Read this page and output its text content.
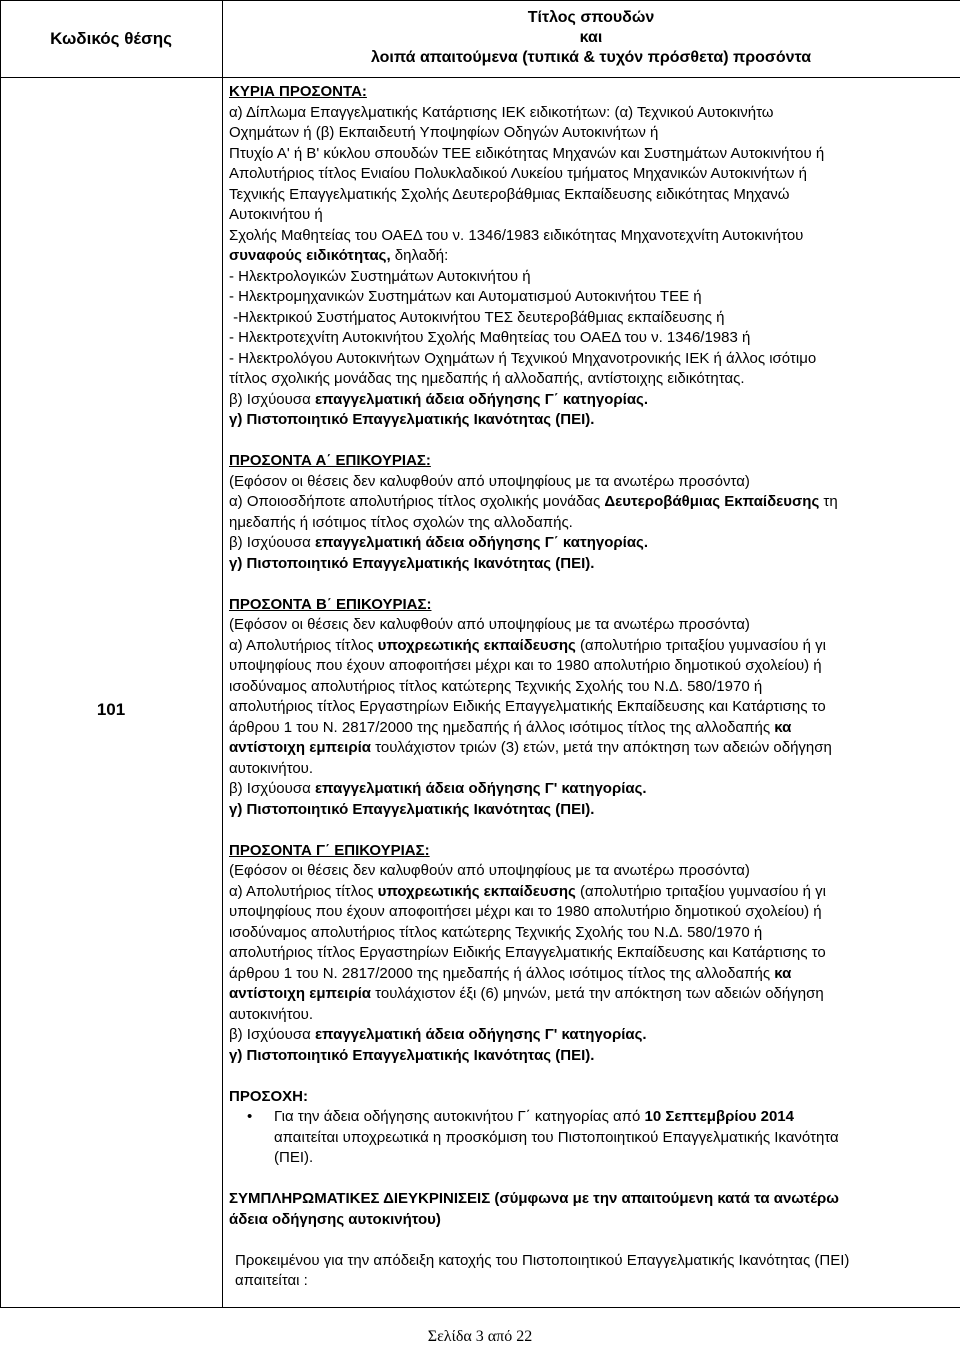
Κωδικός θέσης
Τίτλος σπουδών
και
λοιπά απαιτούμενα (τυπικά & τυχόν πρόσθετα) προσόντα
101
ΚΥΡΙΑ ΠΡΟΣΟΝΤΑ:
α) Δίπλωμα Επαγγελματικής Κατάρτισης ΙΕΚ ειδικοτήτων: (α) Τεχνικού Αυτοκινήτω
Οχημάτων ή (β) Εκπαιδευτή Υποψηφίων Οδηγών Αυτοκινήτων ή
Πτυχίο Α' ή Β' κύκλου σπουδών ΤΕΕ ειδικότητας Μηχανών και Συστημάτων Αυτοκινήτου ή
Απολυτήριος τίτλος Ενιαίου Πολυκλαδικού Λυκείου τμήματος Μηχανικών Αυτοκινήτων ή
Τεχνικής Επαγγελματικής Σχολής Δευτεροβάθμιας Εκπαίδευσης ειδικότητας Μηχανώ
Αυτοκινήτου ή
Σχολής Μαθητείας του ΟΑΕΔ του ν. 1346/1983 ειδικότητας Μηχανοτεχνίτη Αυτοκινήτου
συναφούς ειδικότητας, δηλαδή:
- Ηλεκτρολογικών Συστημάτων Αυτοκινήτου ή
- Ηλεκτρομηχανικών Συστημάτων και Αυτοματισμού Αυτοκινήτου ΤΕΕ ή
-Ηλεκτρικού Συστήματος Αυτοκινήτου ΤΕΣ δευτεροβάθμιας εκπαίδευσης ή
- Ηλεκτροτεχνίτη Αυτοκινήτου Σχολής Μαθητείας του ΟΑΕΔ του ν. 1346/1983 ή
- Ηλεκτρολόγου Αυτοκινήτων Οχημάτων ή Τεχνικού Μηχανοτρονικής ΙΕΚ ή άλλος ισότιμο
τίτλος σχολικής μονάδας της ημεδαπής ή αλλοδαπής, αντίστοιχης ειδικότητας.
β) Ισχύουσα επαγγελματική άδεια οδήγησης Γ΄ κατηγορίας.
γ) Πιστοποιητικό Επαγγελματικής Ικανότητας (ΠΕΙ).
ΠΡΟΣΟΝΤΑ Α΄ ΕΠΙΚΟΥΡΙΑΣ:
(Εφόσον οι θέσεις δεν καλυφθούν από υποψηφίους με τα ανωτέρω προσόντα)
α) Οποιοσδήποτε απολυτήριος τίτλος σχολικής μονάδας Δευτεροβάθμιας Εκπαίδευσης τη
ημεδαπής ή ισότιμος τίτλος σχολών της αλλοδαπής.
β) Ισχύουσα επαγγελματική άδεια οδήγησης Γ΄ κατηγορίας.
γ) Πιστοποιητικό Επαγγελματικής Ικανότητας (ΠΕΙ).
ΠΡΟΣΟΝΤΑ Β΄ ΕΠΙΚΟΥΡΙΑΣ:
(Εφόσον οι θέσεις δεν καλυφθούν από υποψηφίους με τα ανωτέρω προσόντα)
α) Απολυτήριος τίτλος υποχρεωτικής εκπαίδευσης (απολυτήριο τριταξίου γυμνασίου ή γι
υποψηφίους που έχουν αποφοιτήσει μέχρι και το 1980 απολυτήριο δημοτικού σχολείου) ή
ισοδύναμος απολυτήριος τίτλος κατώτερης Τεχνικής Σχολής του Ν.Δ. 580/1970 ή
απολυτήριος τίτλος Εργαστηρίων Ειδικής Επαγγελματικής Εκπαίδευσης και Κατάρτισης το
άρθρου 1 του Ν. 2817/2000 της ημεδαπής ή άλλος ισότιμος τίτλος της αλλοδαπής κα
αντίστοιχη εμπειρία τουλάχιστον τριών (3) ετών, μετά την απόκτηση των αδειών οδήγηση
αυτοκινήτου.
β) Ισχύουσα επαγγελματική άδεια οδήγησης Γ' κατηγορίας.
γ) Πιστοποιητικό Επαγγελματικής Ικανότητας (ΠΕΙ).
ΠΡΟΣΟΝΤΑ Γ΄ ΕΠΙΚΟΥΡΙΑΣ:
(Εφόσον οι θέσεις δεν καλυφθούν από υποψηφίους με τα ανωτέρω προσόντα)
α) Απολυτήριος τίτλος υποχρεωτικής εκπαίδευσης (απολυτήριο τριταξίου γυμνασίου ή γι
υποψηφίους που έχουν αποφοιτήσει μέχρι και το 1980 απολυτήριο δημοτικού σχολείου) ή
ισοδύναμος απολυτήριος τίτλος κατώτερης Τεχνικής Σχολής του Ν.Δ. 580/1970 ή
απολυτήριος τίτλος Εργαστηρίων Ειδικής Επαγγελματικής Εκπαίδευσης και Κατάρτισης το
άρθρου 1 του Ν. 2817/2000 της ημεδαπής ή άλλος ισότιμος τίτλος της αλλοδαπής κα
αντίστοιχη εμπειρία τουλάχιστον έξι (6) μηνών, μετά την απόκτηση των αδειών οδήγηση
αυτοκινήτου.
β) Ισχύουσα επαγγελματική άδεια οδήγησης Γ' κατηγορίας.
γ) Πιστοποιητικό Επαγγελματικής Ικανότητας (ΠΕΙ).
ΠΡΟΣΟΧΗ:
• Για την άδεια οδήγησης αυτοκινήτου Γ΄ κατηγορίας από 10 Σεπτεμβρίου 2014
απαιτείται υποχρεωτικά η προσκόμιση του Πιστοποιητικού Επαγγελματικής Ικανότητα
(ΠΕΙ).
ΣΥΜΠΛΗΡΩΜΑΤΙΚΕΣ ΔΙΕΥΚΡΙΝΙΣΕΙΣ (σύμφωνα με την απαιτούμενη κατά τα ανωτέρω
άδεια οδήγησης αυτοκινήτου)
Προκειμένου για την απόδειξη κατοχής του Πιστοποιητικού Επαγγελματικής Ικανότητας (ΠΕΙ)
απαιτείται :
Σελίδα 3 από 22
